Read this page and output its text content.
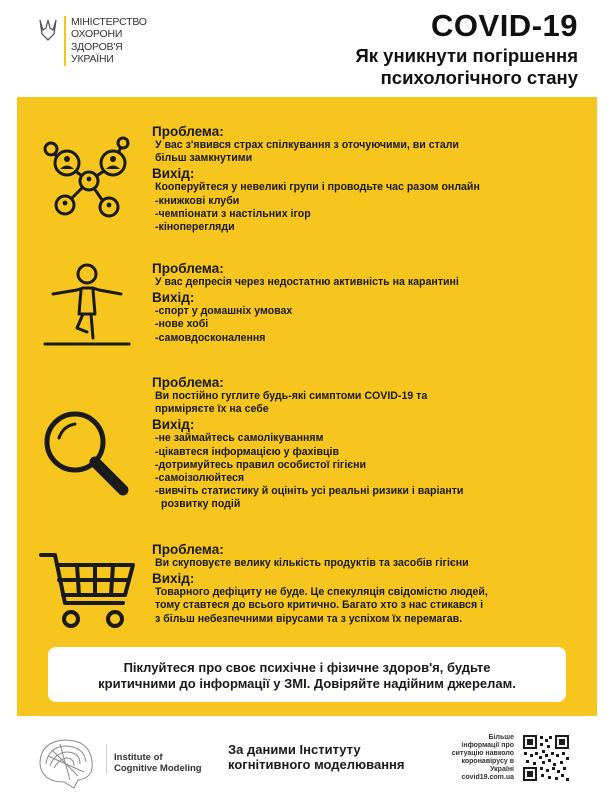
МІНІСТЕРСТВО
ОХОРОНИ
ЗДОРОВ'Я
УКРАЇНИ
COVID-19
Як уникнути погіршення
психологічного стану
Проблема:
У вас з'явився страх спілкування з оточуючими, ви стали
більш замкнутими
Вихід:
Кооперуйтеся у невеликі групи і проводьте час разом онлайн
-книжкові клуби
-чемпіонати з настільних ігор
-кіноперегляди
Проблема:
У вас депресія через недостатню активність на карантині
Вихід:
-спорт у домашніх умовах
-нове хобі
-самовдосконалення
Проблема:
Ви постійно гуглите будь-які симптоми COVID-19 та
приміряєте їх на себе
Вихід:
-не займайтесь самолікуванням
-цікавтеся інформацією у фахівців
-дотримуйтесь правил особистої гігієни
-самоізолюйтеся
-вивчіть статистику й оцініть усі реальні ризики і варіанти
розвитку подій
Проблема:
Ви скуповуєте велику кількість продуктів та засобів гігієни
Вихід:
Товарного дефіциту не буде. Це спекуляція свідомістю людей,
тому ставтеся до всього критично. Багато хто з нас стикався і
з більш небезпечними вірусами та з успіхом їх перемагав.
Піклуйтеся про своє психічне і фізичне здоров'я, будьте
критичними до інформації у ЗМІ. Довіряйте надійним джерелам.
Institute of
Cognitive Modeling
За даними Інституту
когнітивного моделювання
Більше
інформації про
ситуацію навколо
коронавірусу в
Україні
covid19.com.ua
